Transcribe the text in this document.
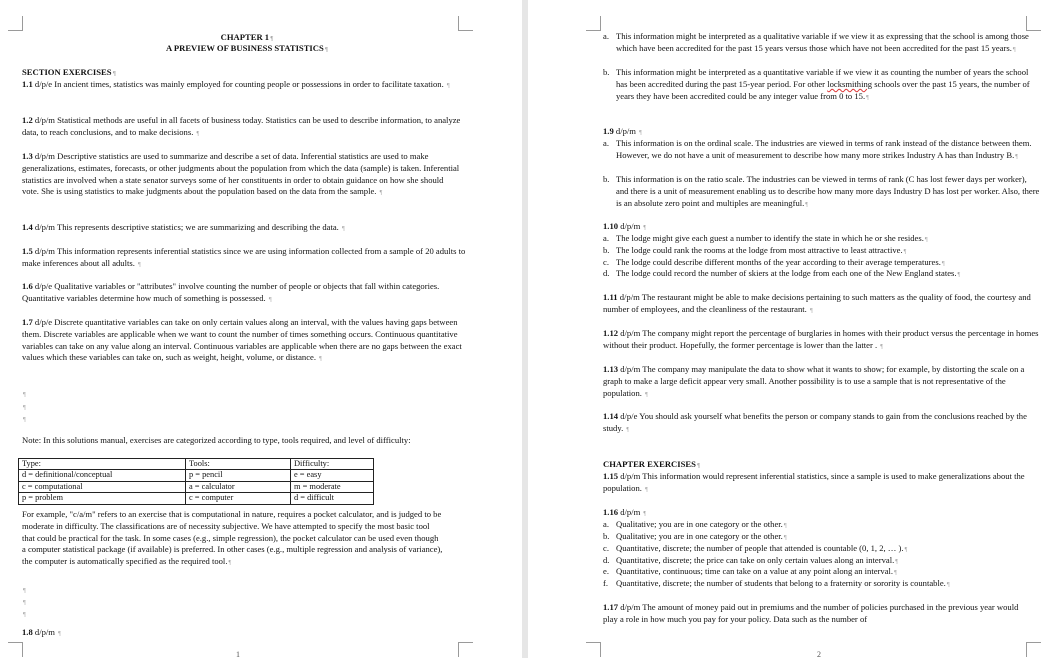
CHAPTER 1 ¶
A PREVIEW OF BUSINESS STATISTICS ¶
SECTION EXERCISES ¶
1.1 d/p/e In ancient times, statistics was mainly employed for counting people or possessions in order to facilitate taxation. ¶
1.2 d/p/m Statistical methods are useful in all facets of business today. Statistics can be used to describe information, to analyze data, to reach conclusions, and to make decisions. ¶
1.3 d/p/m Descriptive statistics are used to summarize and describe a set of data. Inferential statistics are used to make generalizations, estimates, forecasts, or other judgments about the population from which the data (sample) is taken. Inferential statistics are involved when a state senator surveys some of her constituents in order to obtain guidance on how she should vote. She is using statistics to make judgments about the population based on the data from the sample. ¶
1.4 d/p/m This represents descriptive statistics; we are summarizing and describing the data. ¶
1.5 d/p/m This information represents inferential statistics since we are using information collected from a sample of 20 adults to make inferences about all adults. ¶
1.6 d/p/e Qualitative variables or "attributes" involve counting the number of people or objects that fall within categories. Quantitative variables determine how much of something is possessed. ¶
1.7 d/p/e Discrete quantitative variables can take on only certain values along an interval, with the values having gaps between them. Discrete variables are applicable when we want to count the number of times something occurs. Continuous quantitative variables can take on any value along an interval. Continuous variables are applicable when there are no gaps between the exact values which these variables can take on, such as weight, height, volume, or distance. ¶
¶
¶
¶
Note: In this solutions manual, exercises are categorized according to type, tools required, and level of difficulty:
Type:	Tools:	Difficulty:
d = definitional/conceptual	p = pencil	e = easy
c = computational	a = calculator	m = moderate
p = problem	c = computer	d = difficult
For example, "c/a/m" refers to an exercise that is computational in nature, requires a pocket calculator, and is judged to be moderate in difficulty. The classifications are of necessity subjective. We have attempted to specify the most basic tool that could be practical for the task. In some cases (e.g., simple regression), the pocket calculator can be used even though a computer statistical package (if available) is preferred. In other cases (e.g., multiple regression and analysis of variance), the computer is automatically specified as the required tool. ¶
¶
¶
¶
1.8 d/p/m ¶
1
a. This information might be interpreted as a qualitative variable if we view it as expressing that the school is among those which have been accredited for the past 15 years versus those which have not been accredited for the past 15 years. ¶
b. This information might be interpreted as a quantitative variable if we view it as counting the number of years the school has been accredited during the past 15-year period. For other locksmithing schools over the past 15 years, the number of years they have been accredited could be any integer value from 0 to 15. ¶
1.9 d/p/m ¶
a. This information is on the ordinal scale. The industries are viewed in terms of rank instead of the distance between them. However, we do not have a unit of measurement to describe how many more strikes Industry A has than Industry B. ¶
b. This information is on the ratio scale. The industries can be viewed in terms of rank (C has lost fewer days per worker), and there is a unit of measurement enabling us to describe how many more days Industry D has lost per worker. Also, there is an absolute zero point and multiples are meaningful. ¶
1.10 d/p/m ¶
a. The lodge might give each guest a number to identify the state in which he or she resides. ¶
b. The lodge could rank the rooms at the lodge from most attractive to least attractive. ¶
c. The lodge could describe different months of the year according to their average temperatures. ¶
d. The lodge could record the number of skiers at the lodge from each one of the New England states. ¶
1.11 d/p/m The restaurant might be able to make decisions pertaining to such matters as the quality of food, the courtesy and number of employees, and the cleanliness of the restaurant. ¶
1.12 d/p/m The company might report the percentage of burglaries in homes with their product versus the percentage in homes without their product. Hopefully, the former percentage is lower than the latter . ¶
1.13 d/p/m The company may manipulate the data to show what it wants to show; for example, by distorting the scale on a graph to make a large deficit appear very small. Another possibility is to use a sample that is not representative of the population. ¶
1.14 d/p/e You should ask yourself what benefits the person or company stands to gain from the conclusions reached by the study. ¶
CHAPTER EXERCISES ¶
1.15 d/p/m This information would represent inferential statistics, since a sample is used to make generalizations about the population. ¶
1.16 d/p/m ¶
a. Qualitative; you are in one category or the other. ¶
b. Qualitative; you are in one category or the other. ¶
c. Quantitative, discrete; the number of people that attended is countable (0, 1, 2, … ). ¶
d. Quantitative, discrete; the price can take on only certain values along an interval. ¶
e. Quantitative, continuous; time can take on a value at any point along an interval. ¶
f. Quantitative, discrete; the number of students that belong to a fraternity or sorority is countable. ¶
1.17 d/p/m The amount of money paid out in premiums and the number of policies purchased in the previous year would play a role in how much you pay for your policy. Data such as the number of
2
